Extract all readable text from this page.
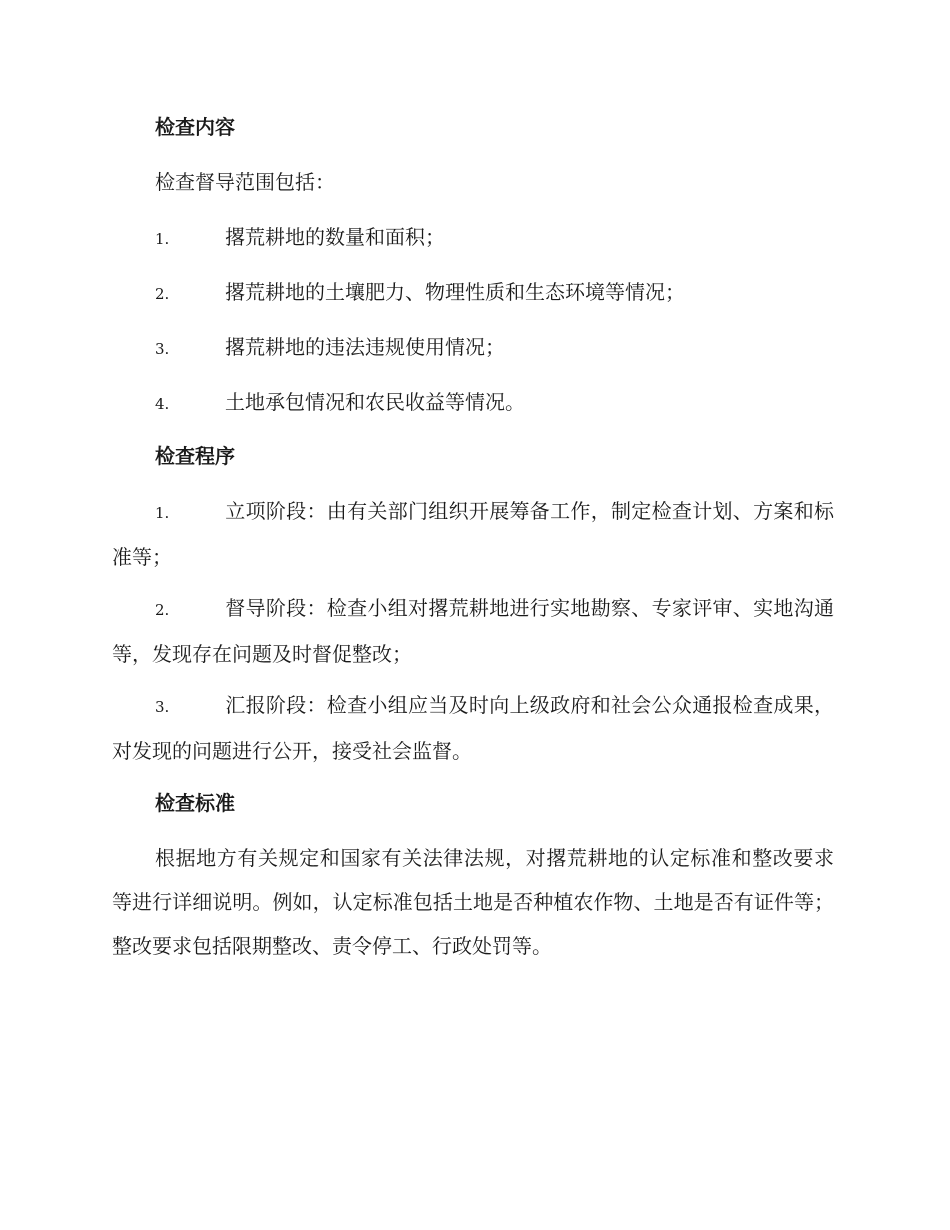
检查内容

检查督导范围包括：

1.	撂荒耕地的数量和面积；

2.	撂荒耕地的土壤肥力、物理性质和生态环境等情况；

3.	撂荒耕地的违法违规使用情况；

4.	土地承包情况和农民收益等情况。

检查程序

1.	立项阶段：由有关部门组织开展筹备工作，制定检查计划、方案和标准等；

2.	督导阶段：检查小组对撂荒耕地进行实地勘察、专家评审、实地沟通等，发现存在问题及时督促整改；

3.	汇报阶段：检查小组应当及时向上级政府和社会公众通报检查成果，对发现的问题进行公开，接受社会监督。

检查标准

根据地方有关规定和国家有关法律法规，对撂荒耕地的认定标准和整改要求等进行详细说明。例如，认定标准包括土地是否种植农作物、土地是否有证件等；整改要求包括限期整改、责令停工、行政处罚等。
